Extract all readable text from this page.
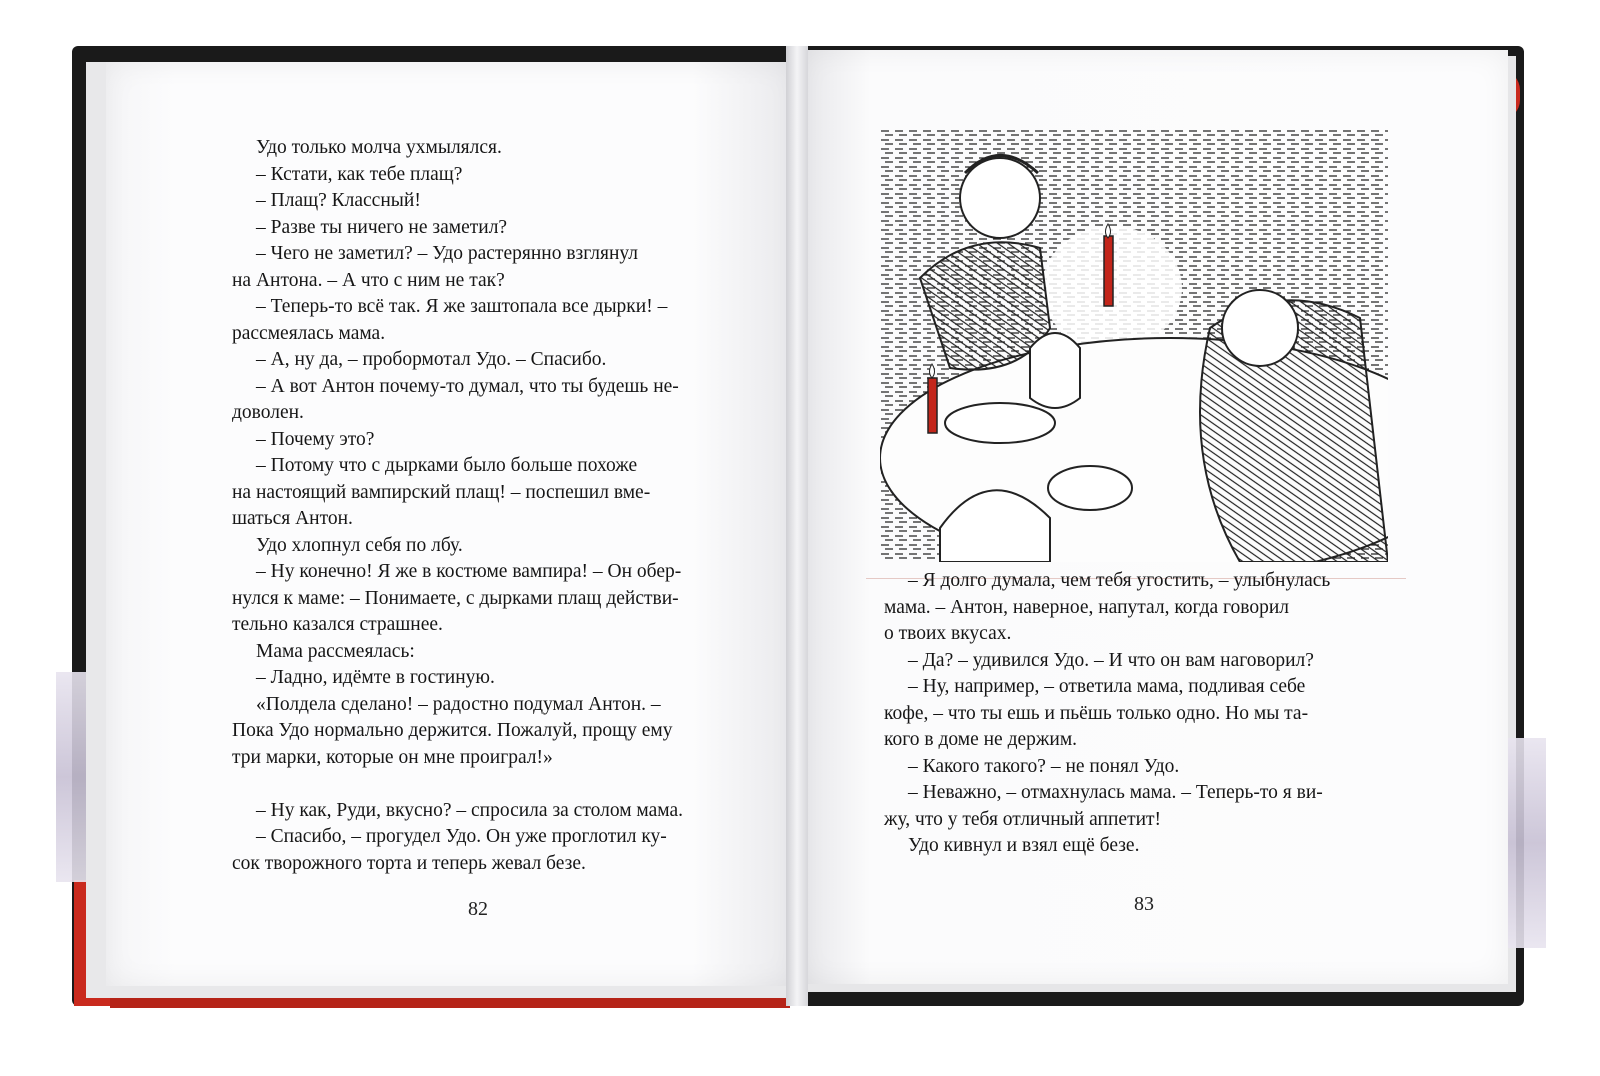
Удо только молча ухмылялся.

– Кстати, как тебе плащ?

– Плащ? Классный!

– Разве ты ничего не заметил?

– Чего не заметил? – Удо растерянно взглянул

на Антона. – А что с ним не так?

– Теперь-то всё так. Я же заштопала все дырки! –

рассмеялась мама.

– А, ну да, – пробормотал Удо. – Спасибо.

– А вот Антон почему-то думал, что ты будешь не-

доволен.

– Почему это?

– Потому что с дырками было больше похоже

на настоящий вампирский плащ! – поспешил вме-

шаться Антон.

Удо хлопнул себя по лбу.

– Ну конечно! Я же в костюме вампира! – Он обер-

нулся к маме: – Понимаете, с дырками плащ действи-

тельно казался страшнее.

Мама рассмеялась:

– Ладно, идёмте в гостиную.

«Полдела сделано! – радостно подумал Антон. –

Пока Удо нормально держится. Пожалуй, прощу ему

три марки, которые он мне проиграл!»

– Ну как, Руди, вкусно? – спросила за столом мама.

– Спасибо, – прогудел Удо. Он уже проглотил ку-

сок творожного торта и теперь жевал безе.

82

– Я долго думала, чем тебя угостить, – улыбнулась

мама. – Антон, наверное, напутал, когда говорил

о твоих вкусах.

– Да? – удивился Удо. – И что он вам наговорил?

– Ну, например, – ответила мама, подливая себе

кофе, – что ты ешь и пьёшь только одно. Но мы та-

кого в доме не держим.

– Какого такого? – не понял Удо.

– Неважно, – отмахнулась мама. – Теперь-то я ви-

жу, что у тебя отличный аппетит!

Удо кивнул и взял ещё безе.

83
